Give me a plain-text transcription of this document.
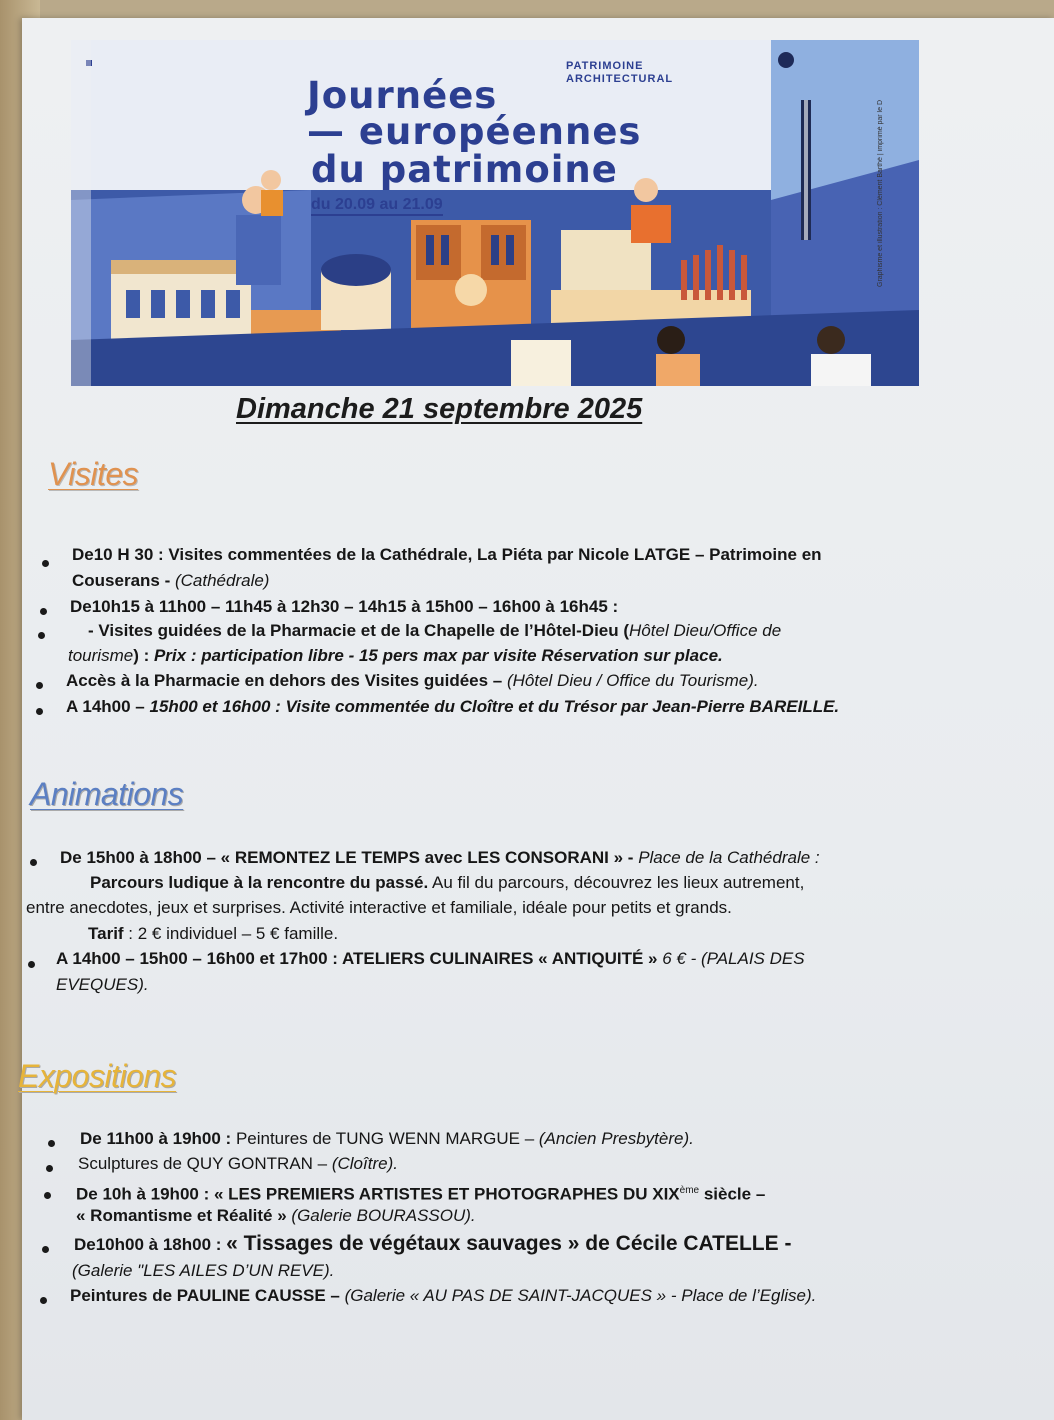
PATRIMOINE
ARCHITECTURAL
Journées
— européennes
du patrimoine
du 20.09 au 21.09	Graphisme et illustration : Clément Barthé | imprimé par le D
Dimanche 21 septembre 2025
Visites
De10 H 30 : Visites commentées de la Cathédrale, La Piéta par Nicole LATGE – Patrimoine en
Couserans - (Cathédrale)
De10h15 à 11h00 – 11h45 à 12h30 – 14h15 à 15h00 – 16h00 à 16h45 :
- Visites guidées de la Pharmacie et de la Chapelle de l’Hôtel-Dieu (Hôtel Dieu/Office de
tourisme) : Prix : participation libre - 15 pers max par visite Réservation sur place.
Accès à la Pharmacie en dehors des Visites guidées – (Hôtel Dieu / Office du Tourisme).
A 14h00 – 15h00 et 16h00 : Visite commentée du Cloître et du Trésor par Jean-Pierre BAREILLE.
Animations
De 15h00 à 18h00 – « REMONTEZ LE TEMPS avec LES CONSORANI » - Place de la Cathédrale :
Parcours ludique à la rencontre du passé. Au fil du parcours, découvrez les lieux autrement,
entre anecdotes, jeux et surprises. Activité interactive et familiale, idéale pour petits et grands.
Tarif : 2 € individuel – 5 € famille.
A 14h00 – 15h00 – 16h00 et 17h00 : ATELIERS CULINAIRES « ANTIQUITÉ » 6 € - (PALAIS DES
EVEQUES).
Expositions
De 11h00 à 19h00 : Peintures de TUNG WENN MARGUE – (Ancien Presbytère).
Sculptures de QUY GONTRAN – (Cloître).
De 10h à 19h00 : « LES PREMIERS ARTISTES ET PHOTOGRAPHES DU XIXème siècle –
« Romantisme et Réalité » (Galerie BOURASSOU).
De10h00 à 18h00 : « Tissages de végétaux sauvages » de Cécile CATELLE -
(Galerie "LES AILES D’UN REVE).
Peintures de PAULINE CAUSSE – (Galerie « AU PAS DE SAINT-JACQUES » - Place de l’Eglise).
